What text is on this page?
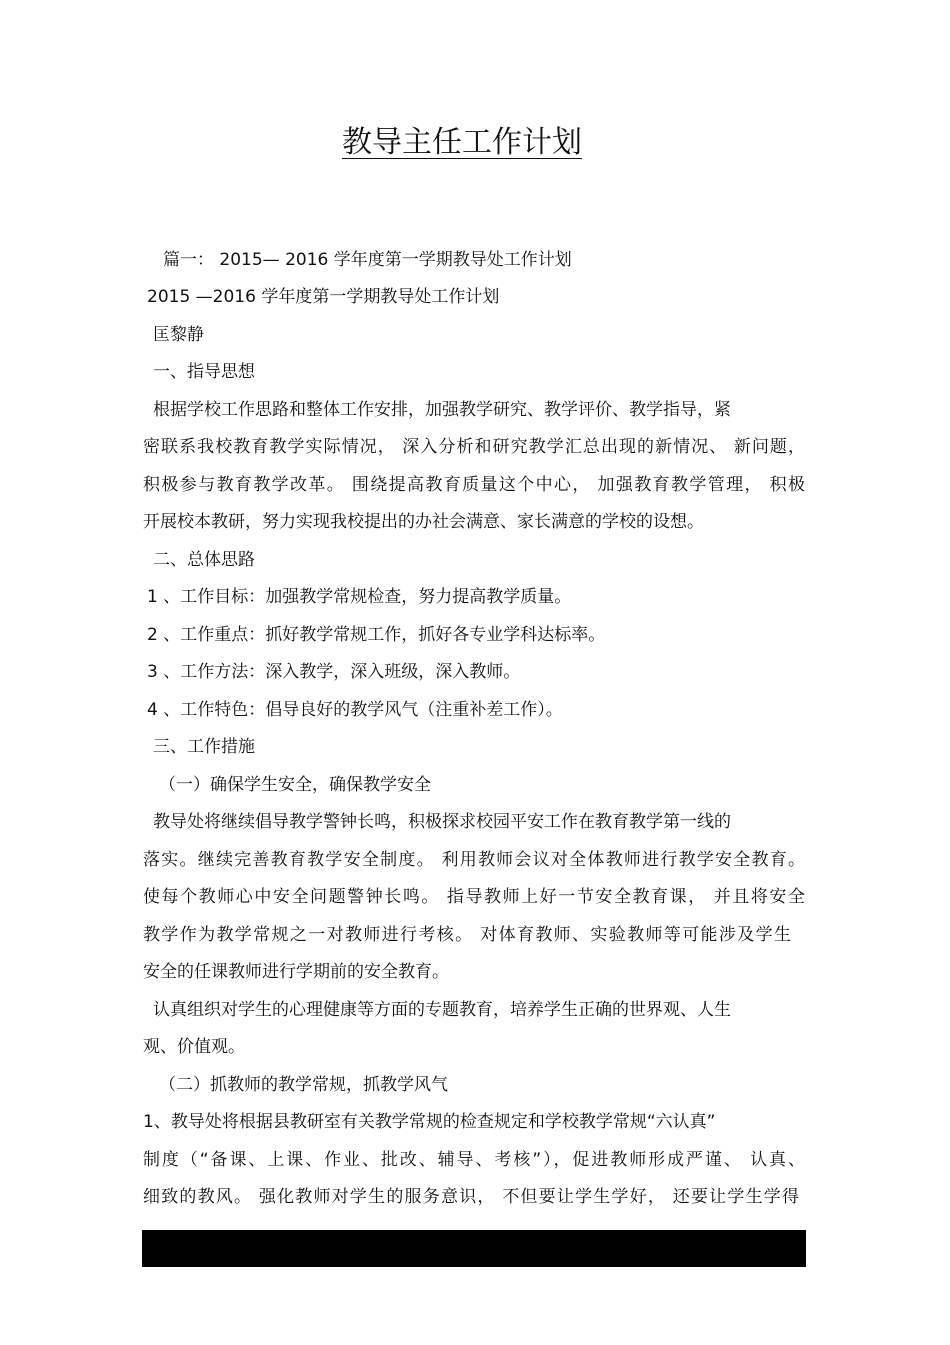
教导主任工作计划
篇一： 2015— 2016 学年度第一学期教导处工作计划
2015 —2016 学年度第一学期教导处工作计划
匡黎静
一、指导思想
根据学校工作思路和整体工作安排，加强教学研究、教学评价、教学指导，紧
密联系我校教育教学实际情况， 深入分析和研究教学汇总出现的新情况、 新问题，
积极参与教育教学改革。 围绕提高教育质量这个中心， 加强教育教学管理， 积极
开展校本教研，努力实现我校提出的办社会满意、家长满意的学校的设想。
二、总体思路
1 、工作目标：加强教学常规检查，努力提高教学质量。
2 、工作重点：抓好教学常规工作，抓好各专业学科达标率。
3 、工作方法：深入教学，深入班级，深入教师。
4 、工作特色：倡导良好的教学风气（注重补差工作）。
三、工作措施
（一）确保学生安全，确保教学安全
教导处将继续倡导教学警钟长鸣，积极探求校园平安工作在教育教学第一线的
落实。继续完善教育教学安全制度。 利用教师会议对全体教师进行教学安全教育。
使每个教师心中安全问题警钟长鸣。 指导教师上好一节安全教育课， 并且将安全
教学作为教学常规之一对教师进行考核。 对体育教师、实验教师等可能涉及学生
安全的任课教师进行学期前的安全教育。
认真组织对学生的心理健康等方面的专题教育，培养学生正确的世界观、人生
观、价值观。
（二）抓教师的教学常规，抓教学风气
1、教导处将根据县教研室有关教学常规的检查规定和学校教学常规“六认真”
制度（“备课、上课、作业、批改、辅导、考核”），促进教师形成严谨、 认真、
细致的教风。 强化教师对学生的服务意识， 不但要让学生学好， 还要让学生学得
